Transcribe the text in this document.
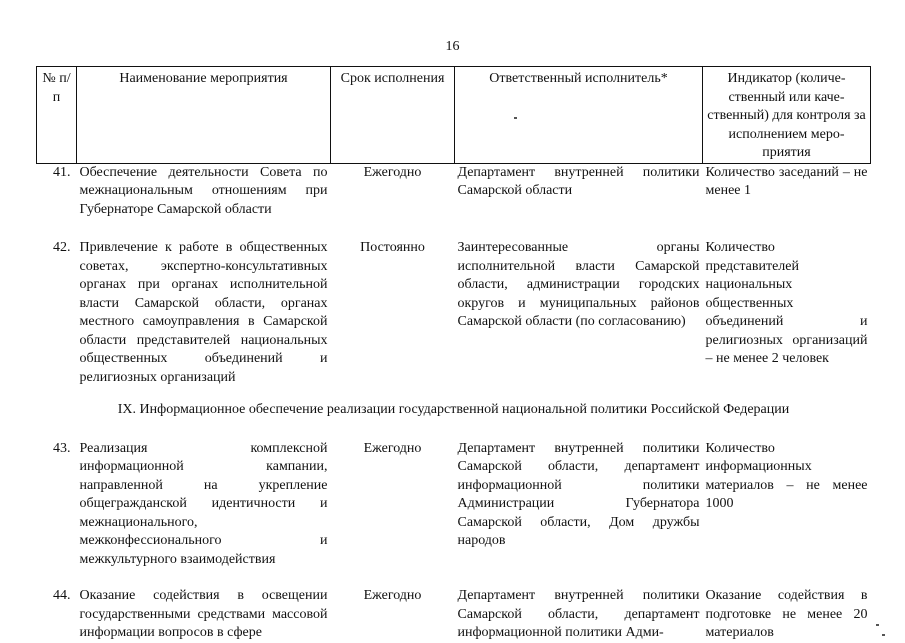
16
№ п/п	Наименование мероприятия	Срок исполнения	Ответственный исполнитель*	Индикатор (количе-ственный или каче-ственный) для контроля за исполнением меро-приятия
41.	Обеспечение деятельности Совета по межнациональным отношениям при Губернаторе Самарской области	Ежегодно	Департамент внутренней политики Самарской области	Количество заседаний – не менее 1

42.	Привлечение к работе в общественных советах, экспертно-консультативных органах при органах исполнительной власти Самарской области, органах местного самоуправления в Самарской области представителей национальных общественных объединений и религиозных организаций	Постоянно	Заинтересованные органы исполнительной власти Самарской области, администрации городских округов и муниципальных районов Самарской области (по согласованию)	Количество представителей национальных общественных объединений и религиозных организаций – не менее 2 человек
IX. Информационное обеспечение реализации государственной национальной политики Российской Федерации				
43.	Реализация комплексной информационной кампании, направленной на укрепление общегражданской идентичности и межнационального, межконфессионального и межкультурного взаимодействия	Ежегодно	Департамент внутренней политики Самарской области, департамент информационной политики Администрации Губернатора Самарской области, Дом дружбы народов	Количество информационных материалов – не менее 1000

44.	Оказание содействия в освещении государственными средствами массовой информации вопросов в сфере	Ежегодно	Департамент внутренней политики Самарской области, департамент информационной политики Адми-	Оказание содействия в подготовке не менее 20 материалов
